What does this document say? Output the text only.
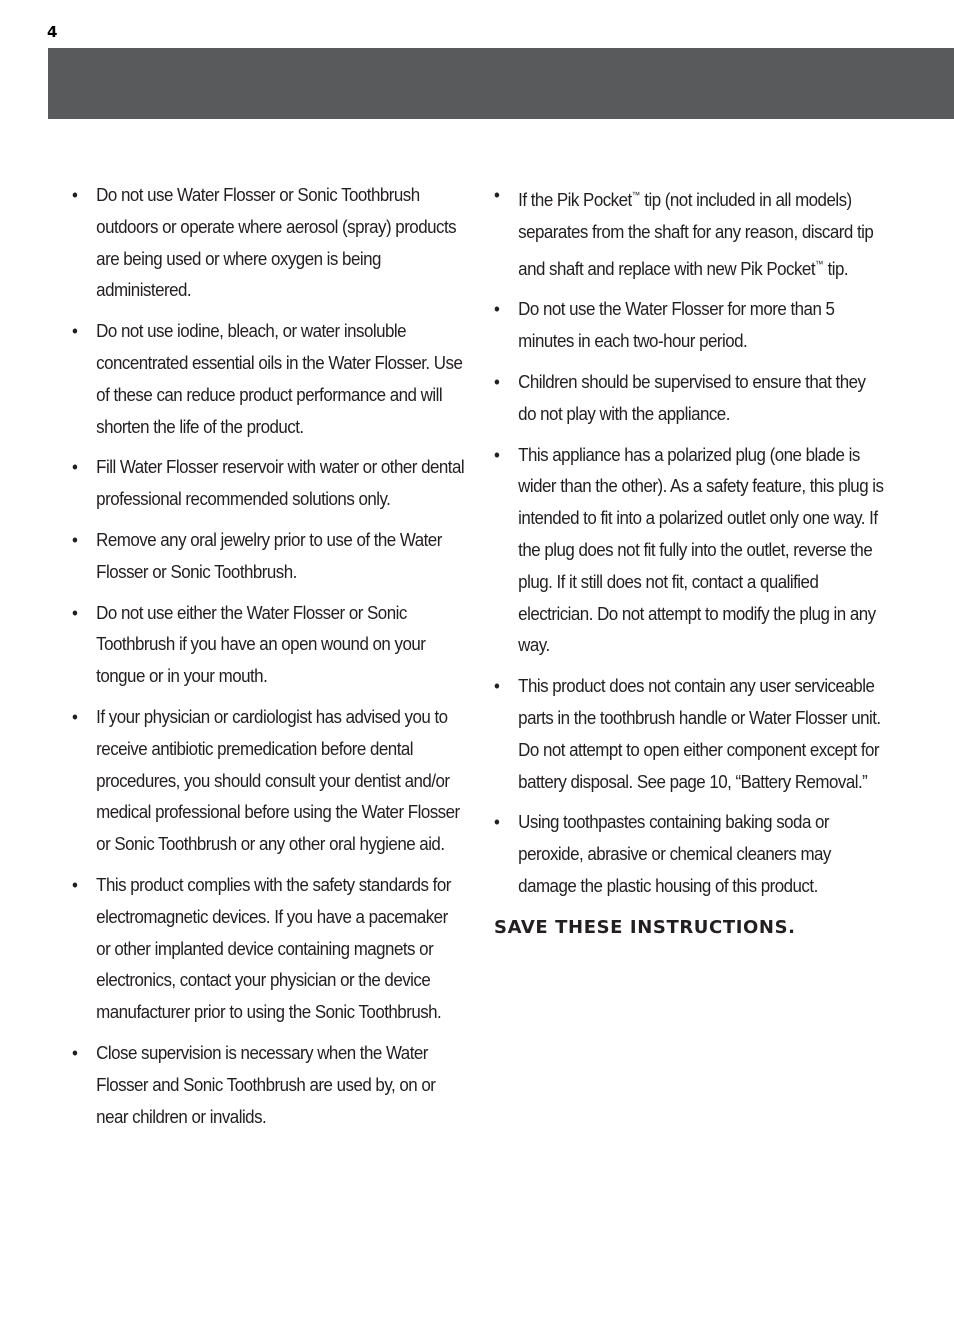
4
•	Do not use Water Flosser or Sonic Toothbrush outdoors or operate where aerosol (spray) products are being used or where oxygen is being administered.
•	Do not use iodine, bleach, or water insoluble concentrated essential oils in the Water Flosser. Use of these can reduce product performance and will shorten the life of the product.
•	Fill Water Flosser reservoir with water or other dental professional recommended solutions only.
•	Remove any oral jewelry prior to use of the Water Flosser or Sonic Toothbrush.
•	Do not use either the Water Flosser or Sonic Toothbrush if you have an open wound on your tongue or in your mouth.
•	If your physician or cardiologist has advised you to receive antibiotic premedication before dental procedures, you should consult your dentist and/or medical professional before using the Water Flosser or Sonic Toothbrush or any other oral hygiene aid.
•	This product complies with the safety standards for electromagnetic devices. If you have a pacemaker or other implanted device containing magnets or electronics, contact your physician or the device manufacturer prior to using the Sonic Toothbrush.
•	Close supervision is necessary when the Water Flosser and Sonic Toothbrush are used by, on or near children or invalids.
•	If the Pik Pocket™ tip (not included in all models) separates from the shaft for any reason, discard tip and shaft and replace with new Pik Pocket™ tip.
•	Do not use the Water Flosser for more than 5 minutes in each two-hour period.
•	Children should be supervised to ensure that they do not play with the appliance.
•	This appliance has a polarized plug (one blade is wider than the other). As a safety feature, this plug is intended to fit into a polarized outlet only one way. If the plug does not fit fully into the outlet, reverse the plug. If it still does not fit, contact a qualified electrician. Do not attempt to modify the plug in any way.
•	This product does not contain any user serviceable parts in the toothbrush handle or Water Flosser unit. Do not attempt to open either component except for battery disposal. See page 10, “Battery Removal.”
•	Using toothpastes containing baking soda or peroxide, abrasive or chemical cleaners may damage the plastic housing of this product.
SAVE THESE INSTRUCTIONS.
